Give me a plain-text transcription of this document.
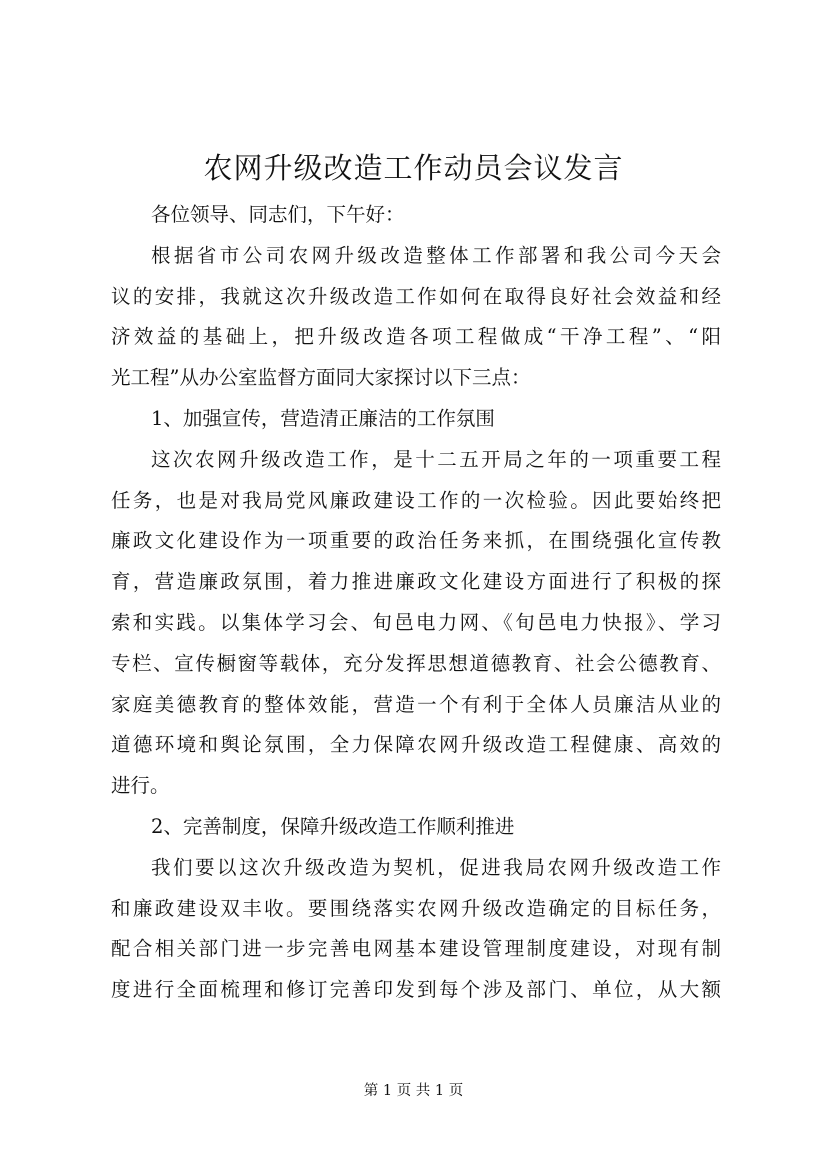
农网升级改造工作动员会议发言
各位领导、同志们，下午好：
根据省市公司农网升级改造整体工作部署和我公司今天会
议的安排，我就这次升级改造工作如何在取得良好社会效益和经
济效益的基础上，把升级改造各项工程做成“干净工程”、“阳
光工程”从办公室监督方面同大家探讨以下三点：
1、加强宣传，营造清正廉洁的工作氛围
这次农网升级改造工作，是十二五开局之年的一项重要工程
任务，也是对我局党风廉政建设工作的一次检验。因此要始终把
廉政文化建设作为一项重要的政治任务来抓，在围绕强化宣传教
育，营造廉政氛围，着力推进廉政文化建设方面进行了积极的探
索和实践。以集体学习会、旬邑电力网、《旬邑电力快报》、学习
专栏、宣传橱窗等载体，充分发挥思想道德教育、社会公德教育、
家庭美德教育的整体效能，营造一个有利于全体人员廉洁从业的
道德环境和舆论氛围，全力保障农网升级改造工程健康、高效的
进行。
2、完善制度，保障升级改造工作顺利推进
我们要以这次升级改造为契机，促进我局农网升级改造工作
和廉政建设双丰收。要围绕落实农网升级改造确定的目标任务，
配合相关部门进一步完善电网基本建设管理制度建设，对现有制
度进行全面梳理和修订完善印发到每个涉及部门、单位，从大额
第 1 页 共 1 页
